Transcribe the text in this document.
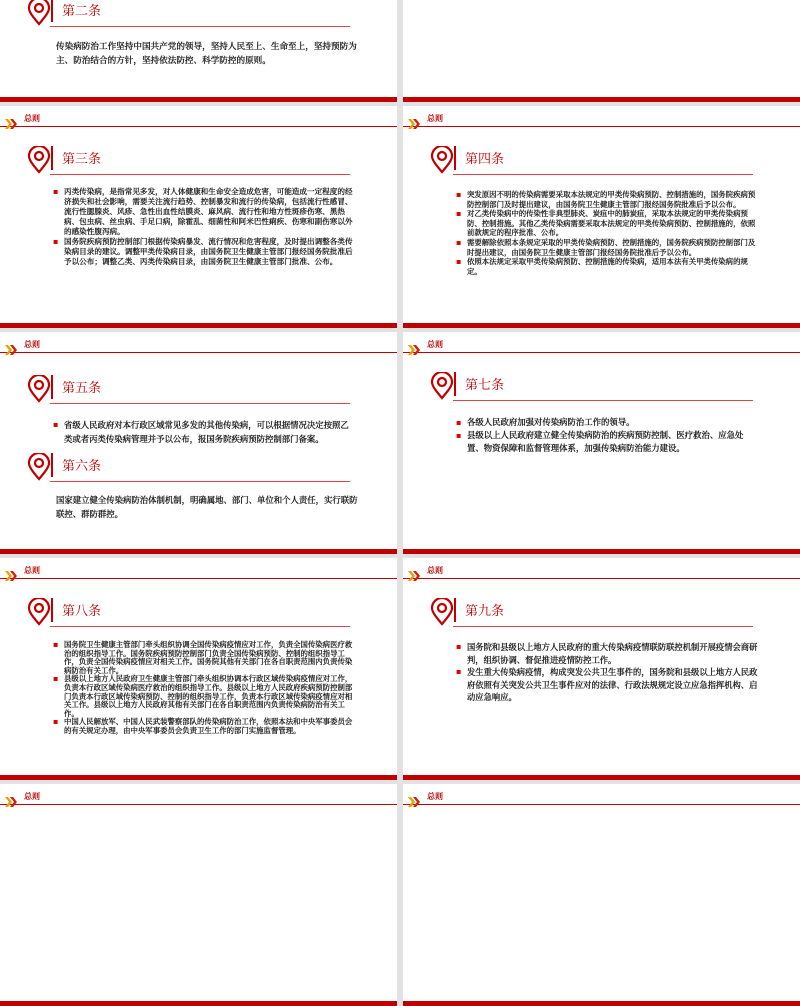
第二条
传染病防治工作坚持中国共产党的领导，坚持人民至上、生命至上，坚持预防为主、防治结合的方针，坚持依法防控、科学防控的原则。
总则
第三条
▪ 丙类传染病，是指常见多发，对人体健康和生命安全造成危害，可能造成一定程度的经济损失和社会影响，需要关注流行趋势、控制暴发和流行的传染病，包括流行性感冒、流行性腮腺炎、风疹、急性出血性结膜炎、麻风病、流行性和地方性斑疹伤寒、黑热病、包虫病、丝虫病、手足口病，除霍乱、细菌性和阿米巴性痢疾、伤寒和副伤寒以外的感染性腹泻病。
▪ 国务院疾病预防控制部门根据传染病暴发、流行情况和危害程度，及时提出调整各类传染病目录的建议。调整甲类传染病目录，由国务院卫生健康主管部门报经国务院批准后予以公布；调整乙类、丙类传染病目录，由国务院卫生健康主管部门批准、公布。
总则
第四条
▪ 突发原因不明的传染病需要采取本法规定的甲类传染病预防、控制措施的，国务院疾病预防控制部门及时提出建议，由国务院卫生健康主管部门报经国务院批准后予以公布。
▪ 对乙类传染病中的传染性非典型肺炎、炭疽中的肺炭疽，采取本法规定的甲类传染病预防、控制措施。其他乙类传染病需要采取本法规定的甲类传染病预防、控制措施的，依照前款规定的程序批准、公布。
▪ 需要解除依照本条规定采取的甲类传染病预防、控制措施的，国务院疾病预防控制部门及时提出建议，由国务院卫生健康主管部门报经国务院批准后予以公布。
▪ 依照本法规定采取甲类传染病预防、控制措施的传染病，适用本法有关甲类传染病的规定。
总则
第五条
▪ 省级人民政府对本行政区域常见多发的其他传染病，可以根据情况决定按照乙类或者丙类传染病管理并予以公布，报国务院疾病预防控制部门备案。
第六条
国家建立健全传染病防治体制机制，明确属地、部门、单位和个人责任，实行联防联控、群防群控。
总则
第七条
▪ 各级人民政府加强对传染病防治工作的领导。
▪ 县级以上人民政府建立健全传染病防治的疾病预防控制、医疗救治、应急处置、物资保障和监督管理体系，加强传染病防治能力建设。
总则
第八条
▪ 国务院卫生健康主管部门牵头组织协调全国传染病疫情应对工作，负责全国传染病医疗救治的组织指导工作。国务院疾病预防控制部门负责全国传染病预防、控制的组织指导工作，负责全国传染病疫情应对相关工作。国务院其他有关部门在各自职责范围内负责传染病防治有关工作。
▪ 县级以上地方人民政府卫生健康主管部门牵头组织协调本行政区域传染病疫情应对工作，负责本行政区域传染病医疗救治的组织指导工作。县级以上地方人民政府疾病预防控制部门负责本行政区域传染病预防、控制的组织指导工作，负责本行政区域传染病疫情应对相关工作。县级以上地方人民政府其他有关部门在各自职责范围内负责传染病防治有关工作。
▪ 中国人民解放军、中国人民武装警察部队的传染病防治工作，依照本法和中央军事委员会的有关规定办理，由中央军事委员会负责卫生工作的部门实施监督管理。
总则
第九条
▪ 国务院和县级以上地方人民政府的重大传染病疫情联防联控机制开展疫情会商研判，组织协调、督促推进疫情防控工作。
▪ 发生重大传染病疫情，构成突发公共卫生事件的，国务院和县级以上地方人民政府依照有关突发公共卫生事件应对的法律、行政法规规定设立应急指挥机构、启动应急响应。
总则	总则
